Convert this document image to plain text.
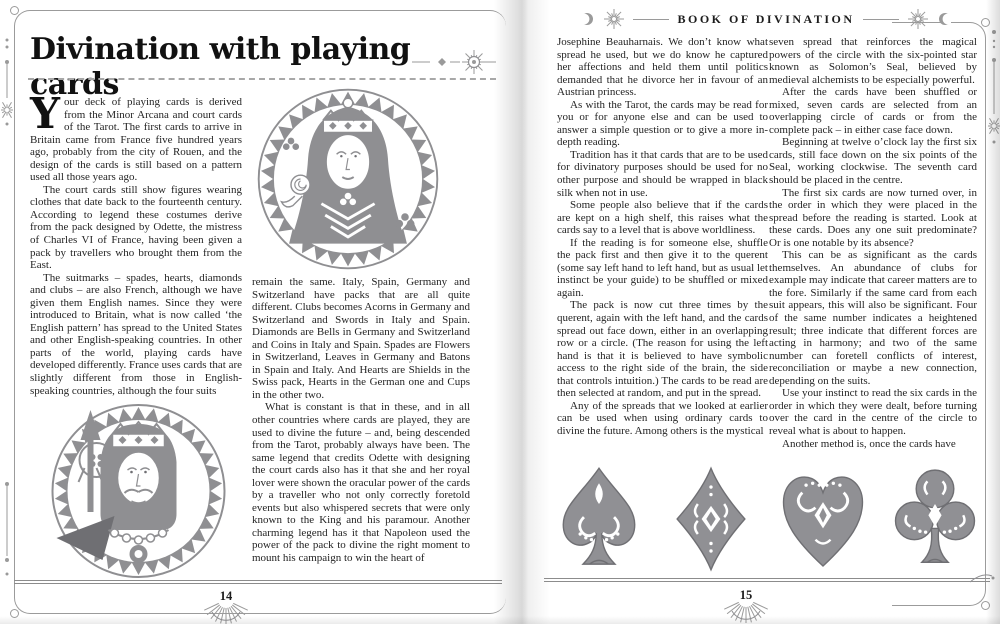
Divination with playing cards

Your deck of playing cards is derived from the Minor Arcana and court cards of the Tarot. The first cards to arrive in Britain came from France five hundred years ago, probably from the city of Rouen, and the design of the cards is still based on a pattern used all those years ago.

The court cards still show figures wearing clothes that date back to the fourteenth century. According to legend these costumes derive from the pack designed by Odette, the mistress of Charles VI of France, having been given a pack by travellers who brought them from the East.

The suitmarks – spades, hearts, diamonds and clubs – are also French, although we have given them English names. Since they were introduced to Britain, what is now called ‘the English pattern’ has spread to the United States and other English-speaking countries. In other parts of the world, playing cards have developed differently. France uses cards that are slightly different from those in English-speaking countries, although the four suits

remain the same. Italy, Spain, Germany and Switzerland have packs that are all quite different. Clubs becomes Acorns in Germany and Switzerland and Swords in Italy and Spain. Diamonds are Bells in Germany and Switzerland and Coins in Italy and Spain. Spades are Flowers in Switzerland, Leaves in Germany and Batons in Spain and Italy. And Hearts are Shields in the Swiss pack, Hearts in the German one and Cups in the other two.

What is constant is that in these, and in all other countries where cards are played, they are used to divine the future – and, being descended from the Tarot, probably always have been. The same legend that credits Odette with designing the court cards also has it that she and her royal lover were shown the oracular power of the cards by a traveller who not only correctly foretold events but also whispered secrets that were only known to the King and his paramour. Another charming legend has it that Napoleon used the power of the pack to divine the right moment to mount his campaign to win the heart of

14
BOOK OF DIVINATION

Josephine Beauharnais. We don’t know what spread he used, but we do know he captured her affections and held them until politics demanded that he divorce her in favour of an Austrian princess.

As with the Tarot, the cards may be read for you or for anyone else and can be used to answer a simple question or to give a more in-depth reading.

Tradition has it that cards that are to be used for divinatory purposes should be used for no other purpose and should be wrapped in black silk when not in use.

Some people also believe that if the cards are kept on a high shelf, this raises what the cards say to a level that is above worldliness.

If the reading is for someone else, shuffle the pack first and then give it to the querent (some say left hand to left hand, but as usual let instinct be your guide) to be shuffled or mixed again.

The pack is now cut three times by the querent, again with the left hand, and the cards spread out face down, either in an overlapping row or a circle. (The reason for using the left hand is that it is believed to have symbolic access to the right side of the brain, the side that controls intuition.) The cards to be read are then selected at random, and put in the spread.

Any of the spreads that we looked at earlier can be used when using ordinary cards to divine the future. Among others is the mystical

seven spread that reinforces the magical powers of the circle with the six-pointed star known as Solomon’s Seal, believed by medieval alchemists to be especially powerful.

After the cards have been shuffled or mixed, seven cards are selected from an overlapping circle of cards or from the complete pack – in either case face down.

Beginning at twelve o’clock lay the first six cards, still face down on the six points of the Seal, working clockwise. The seventh card should be placed in the centre.

The first six cards are now turned over, in the order in which they were placed in the spread before the reading is started. Look at these cards. Does any one suit predominate? Or is one notable by its absence?

This can be as significant as the cards themselves. An abundance of clubs for example may indicate that career matters are to the fore. Similarly if the same card from each suit appears, this will also be significant. Four of the same number indicates a heightened result; three indicate that different forces are acting in harmony; and two of the same number can foretell conflicts of interest, reconciliation or maybe a new connection, depending on the suits.

Use your instinct to read the six cards in the order in which they were dealt, before turning over the card in the centre of the circle to reveal what is about to happen.

Another method is, once the cards have

15
